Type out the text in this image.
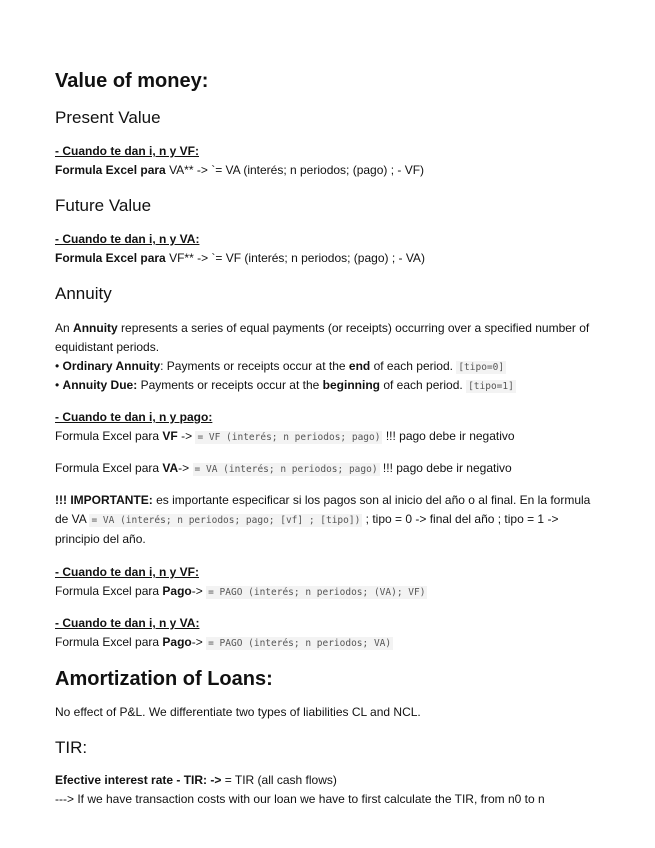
Value of money:
Present Value
- Cuando te dan i, n y VF:
Formula Excel para VA** -> `= VA (interés; n periodos; (pago) ; - VF)
Future Value
- Cuando te dan i, n y VA:
Formula Excel para VF** -> `= VF (interés; n periodos; (pago) ; - VA)
Annuity
An Annuity represents a series of equal payments (or receipts) occurring over a specified number of equidistant periods.
• Ordinary Annuity: Payments or receipts occur at the end of each period. [tipo=0]
• Annuity Due: Payments or receipts occur at the beginning of each period. [tipo=1]
- Cuando te dan i, n y pago:
Formula Excel para VF -> = VF (interés; n periodos; pago) !!! pago debe ir negativo
Formula Excel para VA-> = VA (interés; n periodos; pago) !!! pago debe ir negativo
!!! IMPORTANTE: es importante especificar si los pagos son al inicio del año o al final. En la formula de VA = VA (interés; n periodos; pago; [vf] ; [tipo]) ; tipo = 0 -> final del año ; tipo = 1 -> principio del año.
- Cuando te dan i, n y VF:
Formula Excel para Pago-> = PAGO (interés; n periodos; (VA); VF)
- Cuando te dan i, n y VA:
Formula Excel para Pago-> = PAGO (interés; n periodos; VA)
Amortization of Loans:
No effect of P&L. We differentiate two types of liabilities CL and NCL.
TIR:
Efective interest rate - TIR: -> = TIR (all cash flows)
---> If we have transaction costs with our loan we have to first calculate the TIR, from n0 to n
